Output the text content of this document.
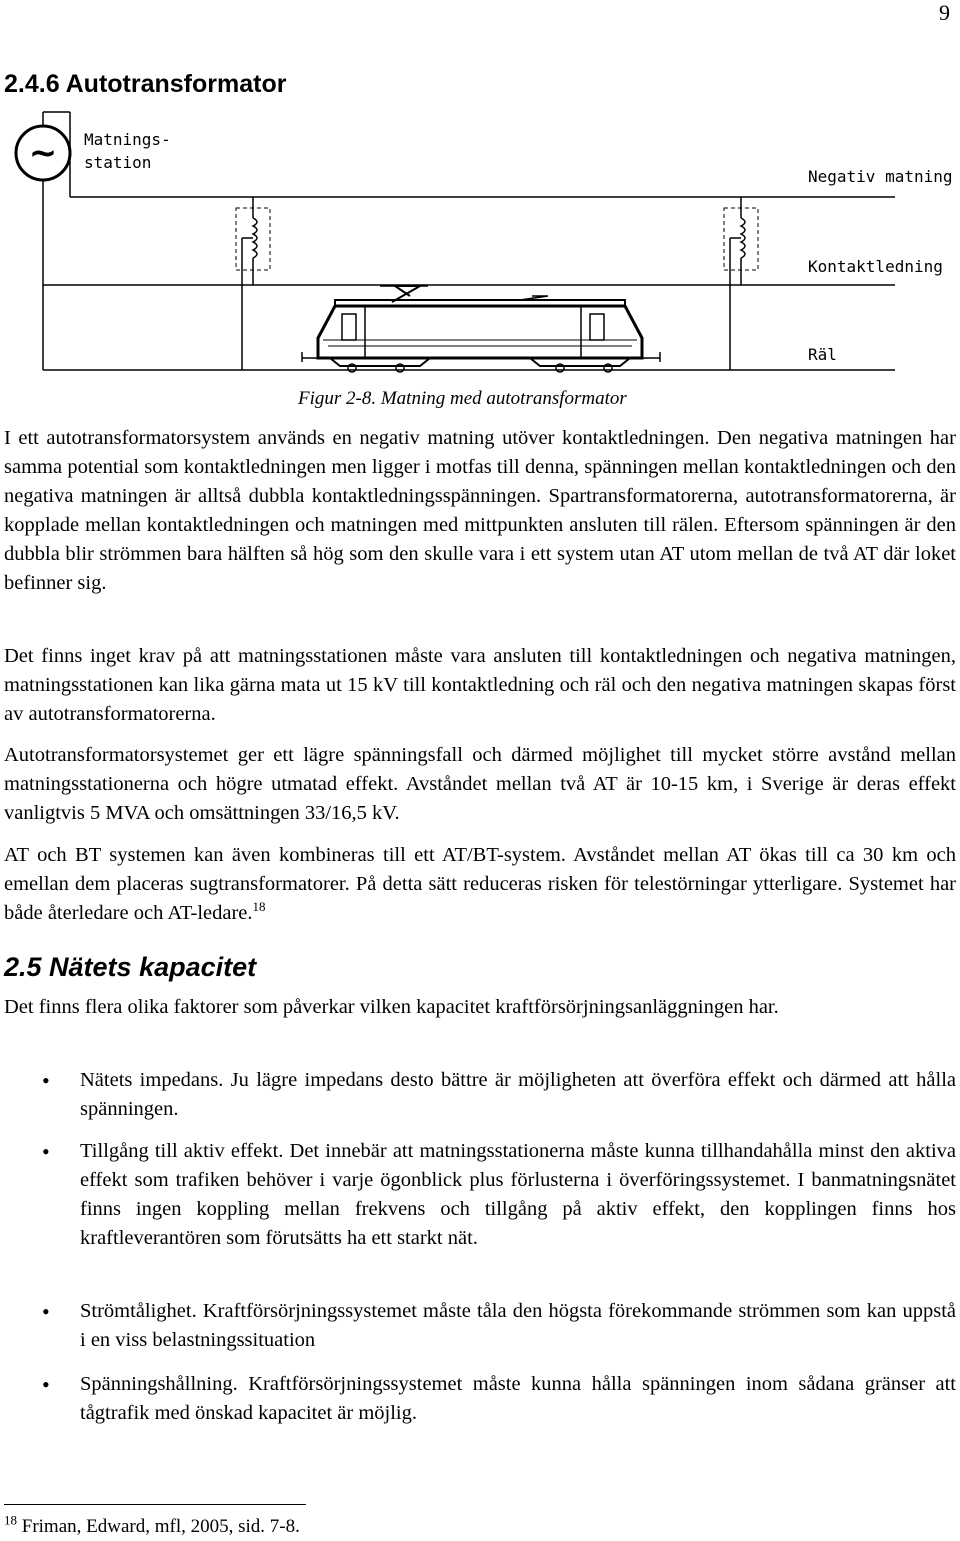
9
2.4.6 Autotransformator
~ Matnings-
station
Negativ matning
Kontaktledning
Räl
Figur 2-8. Matning med autotransformator

I ett autotransformatorsystem används en negativ matning utöver kontaktledningen. Den negativa matningen har samma potential som kontaktledningen men ligger i motfas till denna, spänningen mellan kontaktledningen och den negativa matningen är alltså dubbla kontaktledningsspänningen. Spartransformatorerna, autotransformatorerna, är kopplade mellan kontaktledningen och matningen med mittpunkten ansluten till rälen. Eftersom spänningen är den dubbla blir strömmen bara hälften så hög som den skulle vara i ett system utan AT utom mellan de två AT där loket befinner sig.

Det finns inget krav på att matningsstationen måste vara ansluten till kontaktledningen och negativa matningen, matningsstationen kan lika gärna mata ut 15 kV till kontaktledning och räl och den negativa matningen skapas först av autotransformatorerna.

Autotransformatorsystemet ger ett lägre spänningsfall och därmed möjlighet till mycket större avstånd mellan matningsstationerna och högre utmatad effekt. Avståndet mellan två AT är 10-15 km, i Sverige är deras effekt vanligtvis 5 MVA och omsättningen 33/16,5 kV.

AT och BT systemen kan även kombineras till ett AT/BT-system. Avståndet mellan AT ökas till ca 30 km och emellan dem placeras sugtransformatorer. På detta sätt reduceras risken för telestörningar ytterligare. Systemet har både återledare och AT-ledare.$^{18}$

2.5 Nätets kapacitet

Det finns flera olika faktorer som påverkar vilken kapacitet kraftförsörjningsanläggningen har.

• Nätets impedans. Ju lägre impedans desto bättre är möjligheten att överföra effekt och därmed att hålla spänningen.

• Tillgång till aktiv effekt. Det innebär att matningsstationerna måste kunna tillhandahålla minst den aktiva effekt som trafiken behöver i varje ögonblick plus förlusterna i överföringssystemet. I banmatningsnätet finns ingen koppling mellan frekvens och tillgång på aktiv effekt, den kopplingen finns hos kraftleverantören som förutsätts ha ett starkt nät.

• Strömtålighet. Kraftförsörjningssystemet måste tåla den högsta förekommande strömmen som kan uppstå i en viss belastningssituation

• Spänningshållning. Kraftförsörjningssystemet måste kunna hålla spänningen inom sådana gränser att tågtrafik med önskad kapacitet är möjlig.

$^{18}$ Friman, Edward, mfl, 2005, sid. 7-8.
